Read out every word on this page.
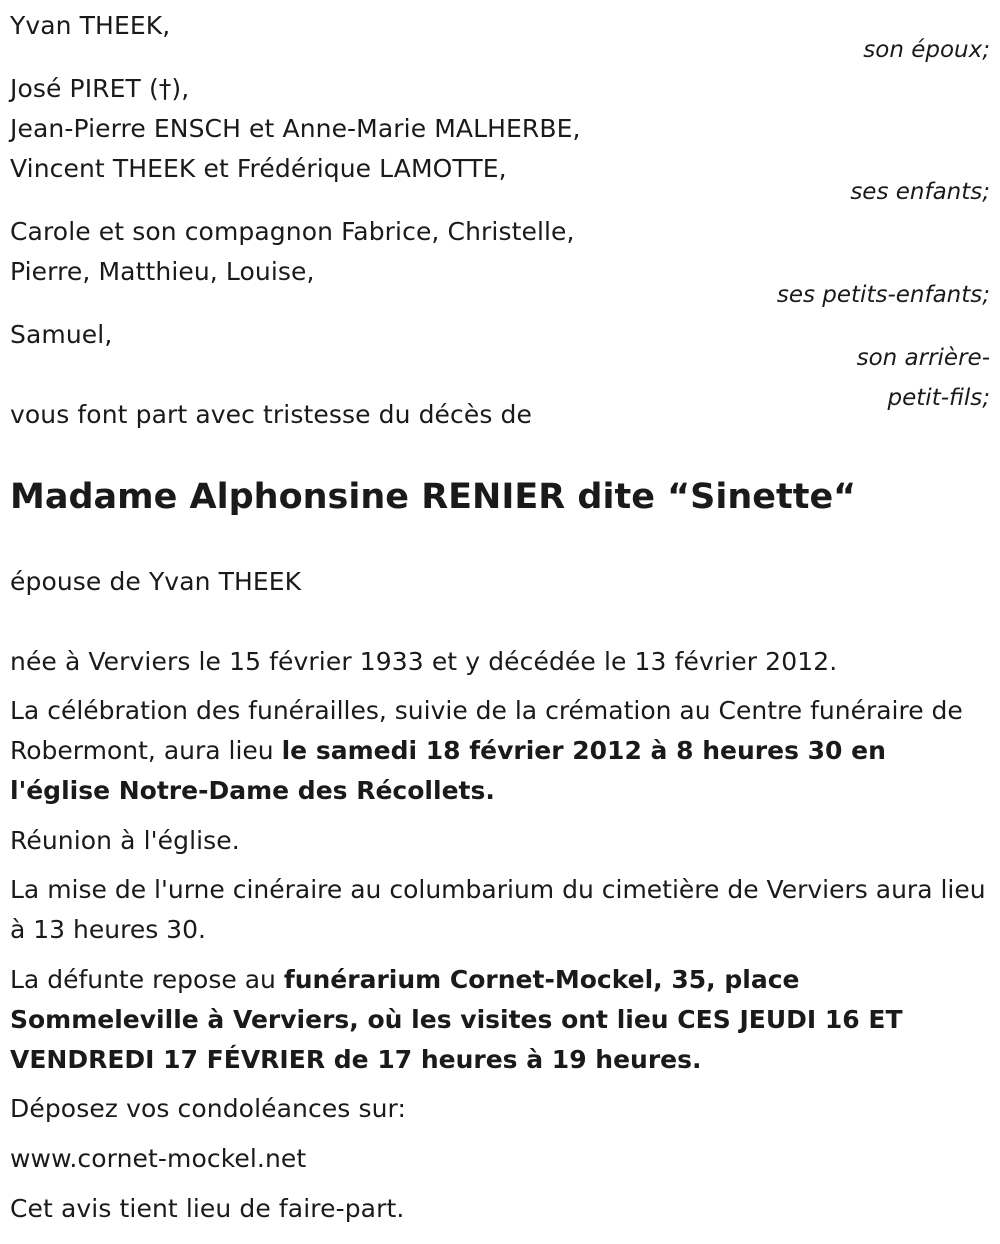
Yvan THEEK,
son époux;
José PIRET (†),
Jean-Pierre ENSCH et Anne-Marie MALHERBE,
Vincent THEEK et Frédérique LAMOTTE,
ses enfants;
Carole et son compagnon Fabrice, Christelle,
Pierre, Matthieu, Louise,
ses petits-enfants;
Samuel,
son arrière-
petit-fils;
vous font part avec tristesse du décès de
Madame Alphonsine RENIER dite “Sinette“
épouse de Yvan THEEK
née à Verviers le 15 février 1933 et y décédée le 13 février 2012.
La célébration des funérailles, suivie de la crémation au Centre funéraire de Robermont, aura lieu le samedi 18 février 2012 à 8 heures 30 en l'église Notre-Dame des Récollets.
Réunion à l'église.
La mise de l'urne cinéraire au columbarium du cimetière de Verviers aura lieu à 13 heures 30.
La défunte repose au funérarium Cornet-Mockel, 35, place Sommeleville à Verviers, où les visites ont lieu CES JEUDI 16 ET VENDREDI 17 FÉVRIER de 17 heures à 19 heures.
Déposez vos condoléances sur:
www.cornet-mockel.net
Cet avis tient lieu de faire-part.
